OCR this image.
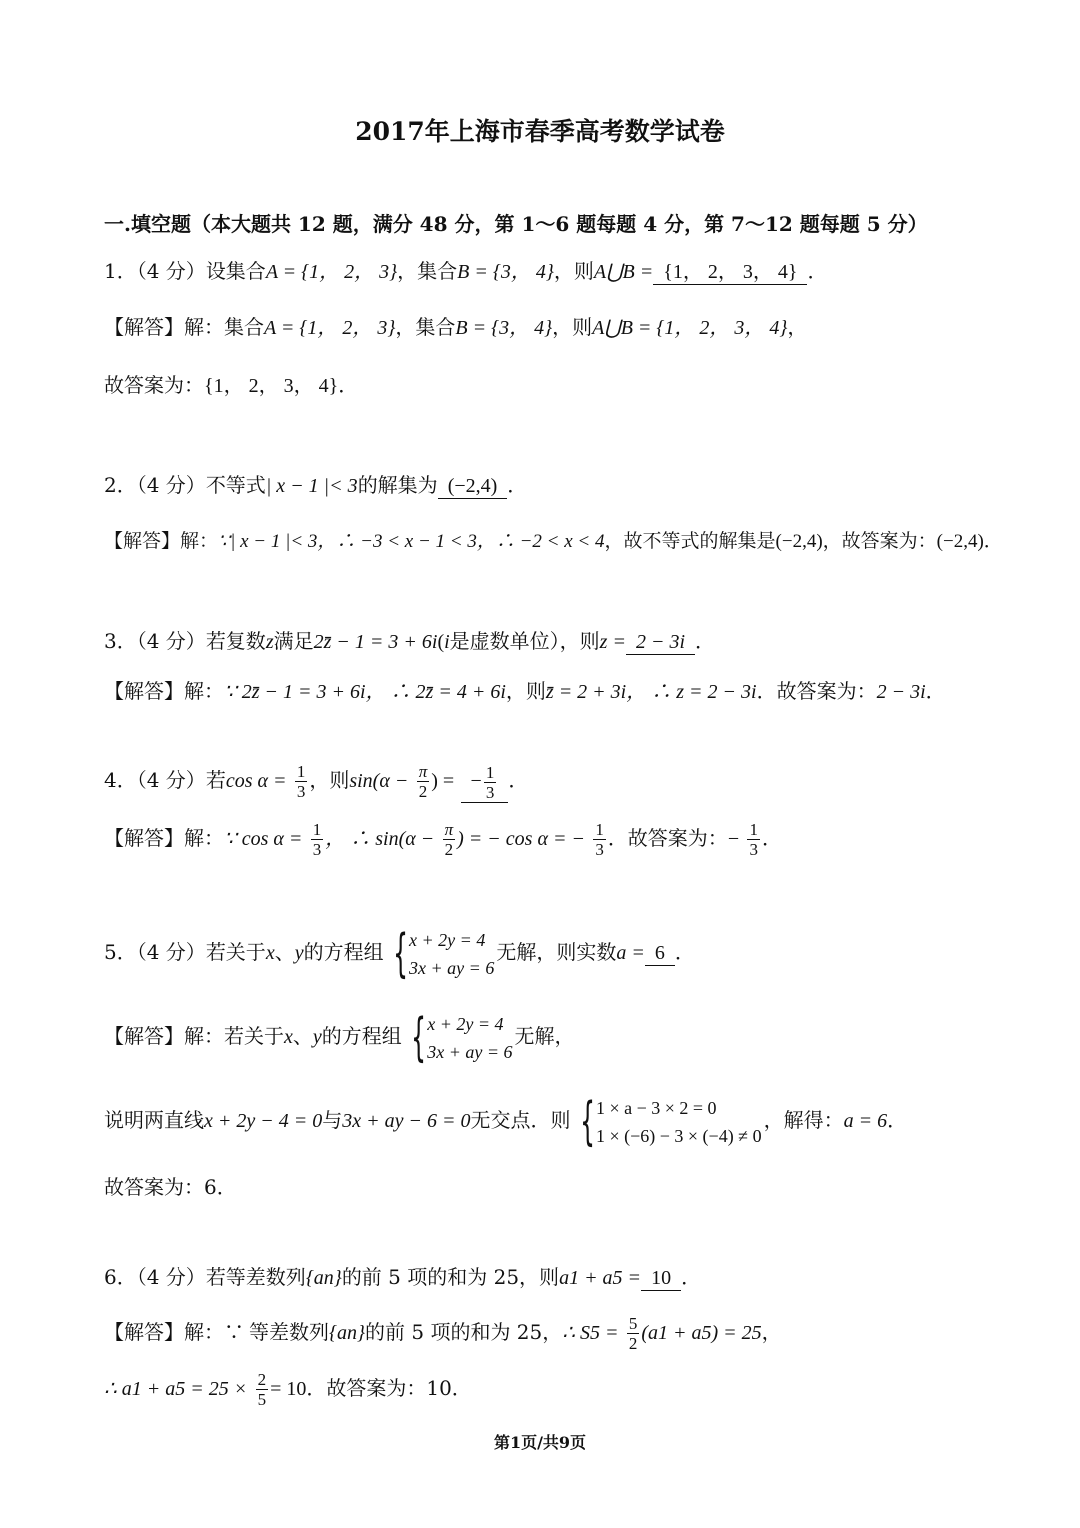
2017年上海市春季高考数学试卷
一.填空题（本大题共 12 题，满分 48 分，第 1～6 题每题 4 分，第 7～12 题每题 5 分）
1．（4 分）设集合A = {1， 2， 3}，集合B = {3， 4}，则A⋃B = {1， 2， 3， 4} ．
【解答】解：集合A = {1， 2， 3}，集合B = {3， 4}，则A⋃B = {1， 2， 3， 4}，
故答案为：{1， 2， 3， 4}．
2．（4 分）不等式| x − 1 |< 3的解集为 (−2,4) ．
【解答】解：∵| x − 1 |< 3，∴ −3 < x − 1 < 3，∴ −2 < x < 4，故不等式的解集是(−2,4)，故答案为：(−2,4)．
3．（4 分）若复数z满足2z̄ − 1 = 3 + 6i(i是虚数单位），则z = 2 − 3i ．
【解答】解：∵ 2z̄ − 1 = 3 + 6i， ∴ 2z̄ = 4 + 6i，则z̄ = 2 + 3i， ∴ z = 2 − 3i．故答案为：2 − 3i．
4．（4 分）若$\cos \alpha = \frac{1}{3}$ ，则$\sin(\alpha - \frac{\pi}{2}$ ) = − $\frac{1}{3}$ ．
【解答】解：∵ $\cos \alpha = \frac{1}{3}$ ， ∴ $\sin(\alpha - \frac{\pi}{2}$ ) = − cos α = − $\frac{1}{3}$ ．故答案为：− $\frac{1}{3}$ ．
5．（4 分）若关于x、y的方程组 { x + 2y = 4
3x + ay = 6
无解，则实数a = 6 ．
【解答】解：若关于x、y的方程组 { x + 2y = 4
3x + ay = 6
无解，
说明两直线x + 2y − 4 = 0与3x + ay − 6 = 0无交点．则 { 1 × a − 3 × 2 = 0
1 × (−6) − 3 × (−4) ≠ 0
，解得：a = 6．
故答案为：6．
6．（4 分）若等差数列{an}的前 5 项的和为 25，则a1 + a5 = 10 ．
【解答】解：∵ 等差数列{an}的前 5 项的和为 25，∴ $S5 = \frac{5}{2} (a1 + a5) = 25$，
∴ $a1 + a5 = 25 \times \frac{2}{5} = 10$．故答案为：10．
第1页/共9页
